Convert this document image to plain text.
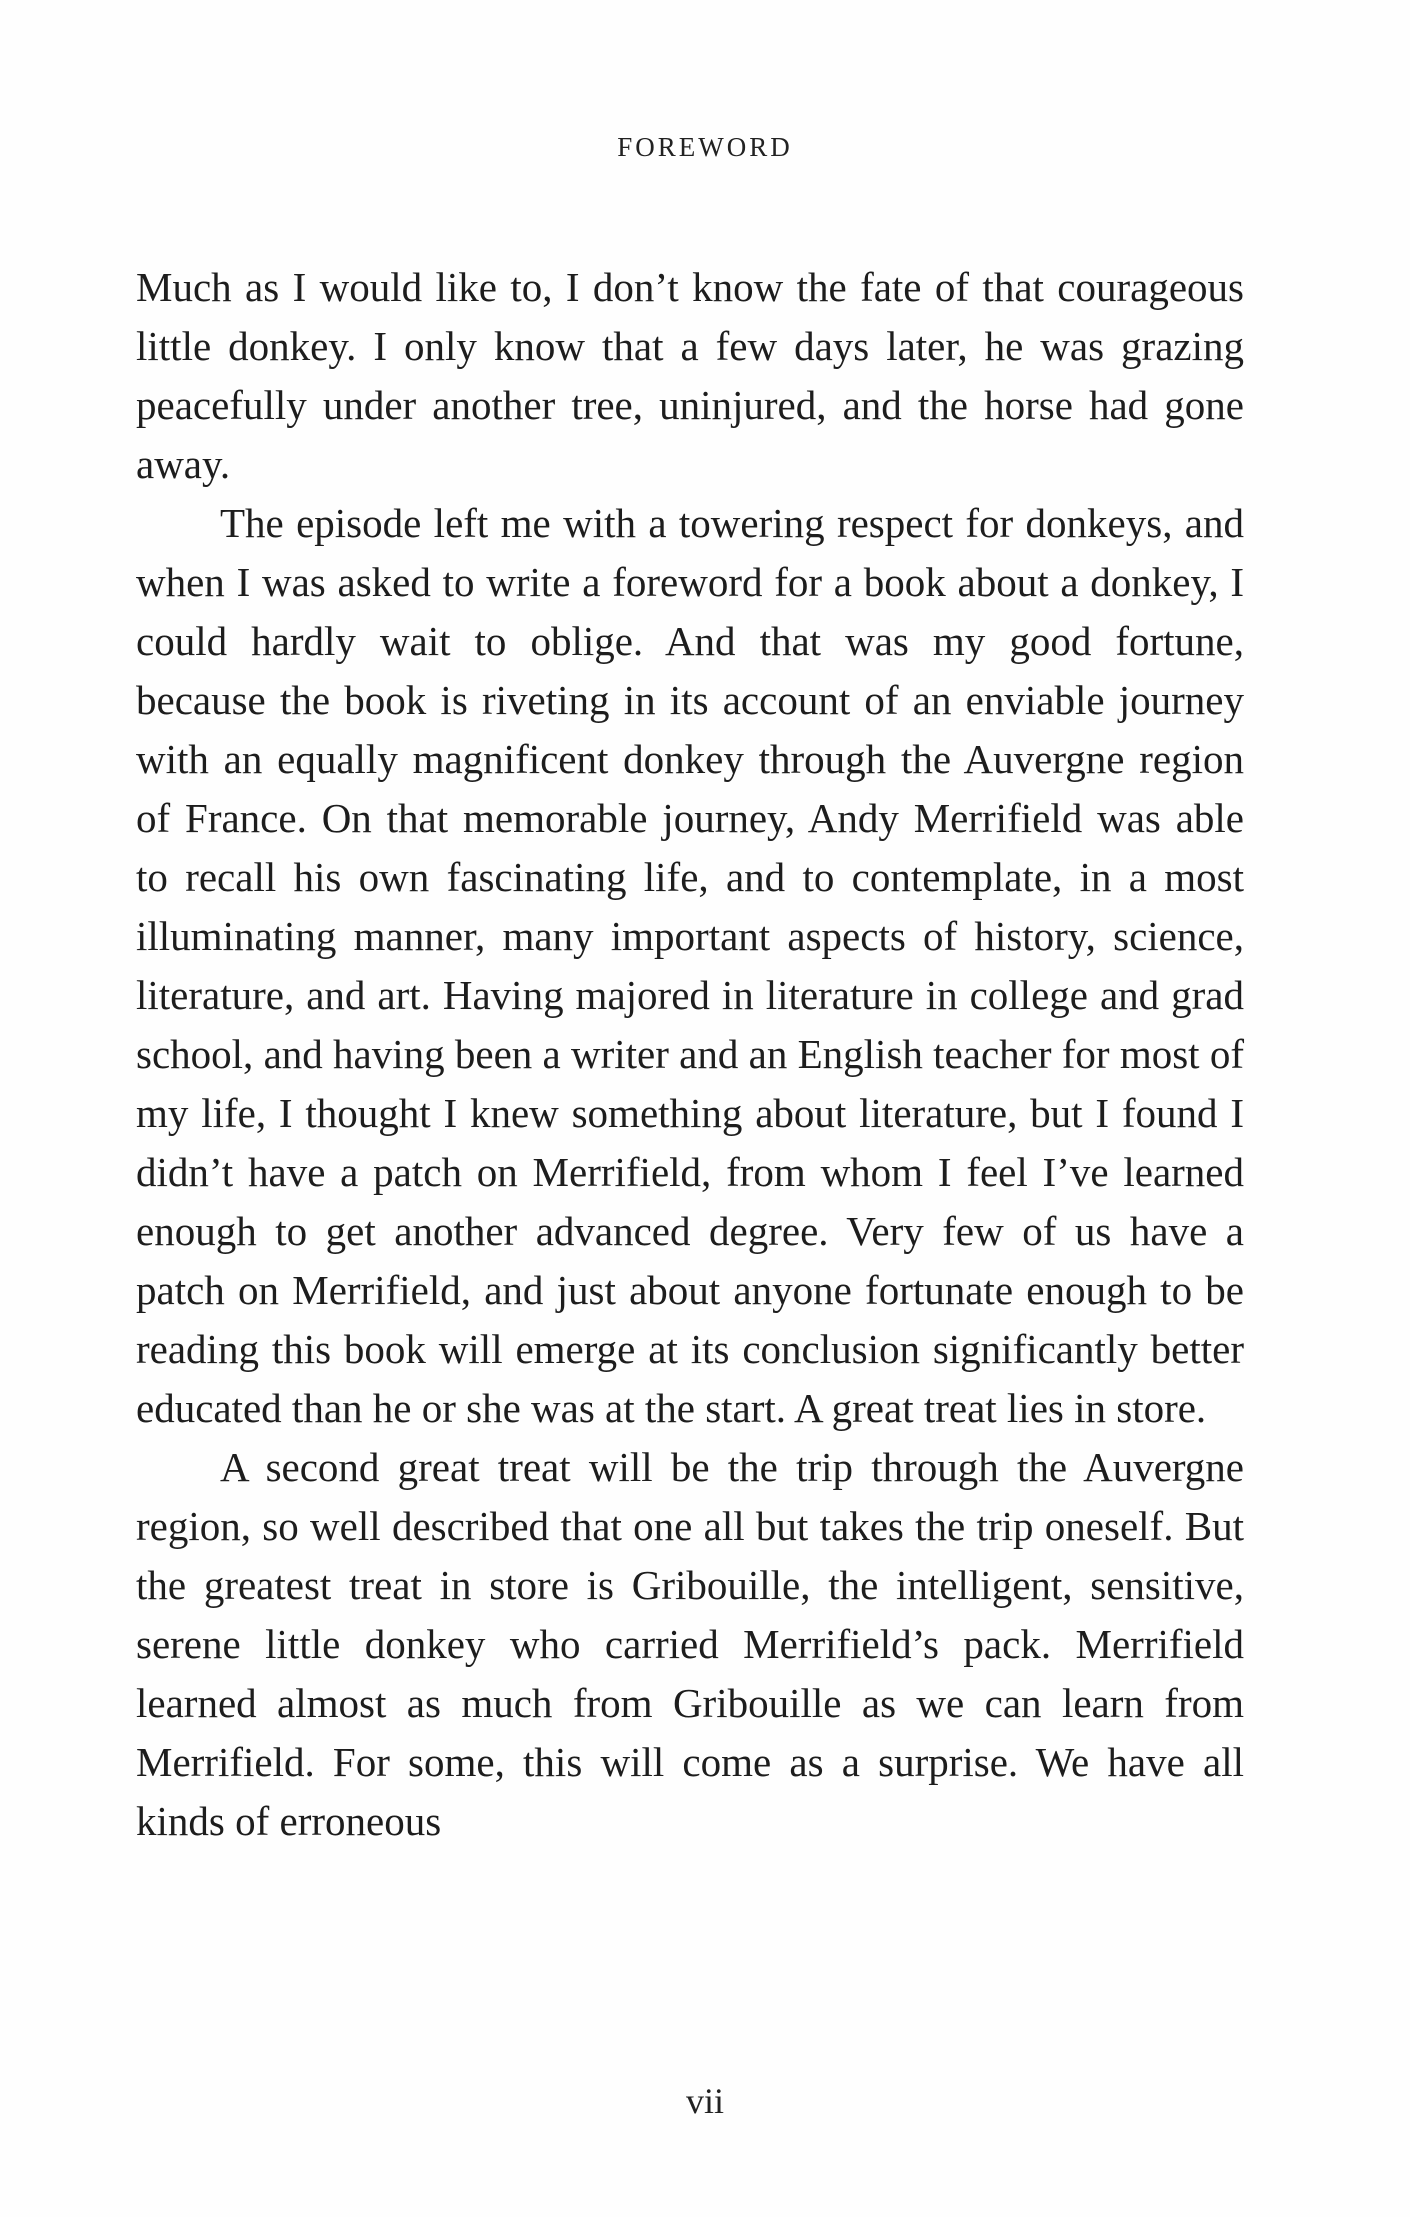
FOREWORD

Much as I would like to, I don’t know the fate of that courageous little donkey. I only know that a few days later, he was grazing peacefully under another tree, uninjured, and the horse had gone away.

The episode left me with a towering respect for donkeys, and when I was asked to write a foreword for a book about a donkey, I could hardly wait to oblige. And that was my good fortune, because the book is riveting in its account of an enviable journey with an equally magnificent donkey through the Auvergne region of France. On that memorable journey, Andy Merrifield was able to recall his own fascinating life, and to contemplate, in a most illuminating manner, many important aspects of history, science, literature, and art. Having majored in literature in college and grad school, and having been a writer and an English teacher for most of my life, I thought I knew something about literature, but I found I didn’t have a patch on Merrifield, from whom I feel I’ve learned enough to get another advanced degree. Very few of us have a patch on Merrifield, and just about anyone fortunate enough to be reading this book will emerge at its conclusion significantly better educated than he or she was at the start. A great treat lies in store.

A second great treat will be the trip through the Auvergne region, so well described that one all but takes the trip oneself. But the greatest treat in store is Gribouille, the intelligent, sensitive, serene little donkey who carried Merrifield’s pack. Merrifield learned almost as much from Gribouille as we can learn from Merrifield. For some, this will come as a surprise. We have all kinds of erroneous

vii
